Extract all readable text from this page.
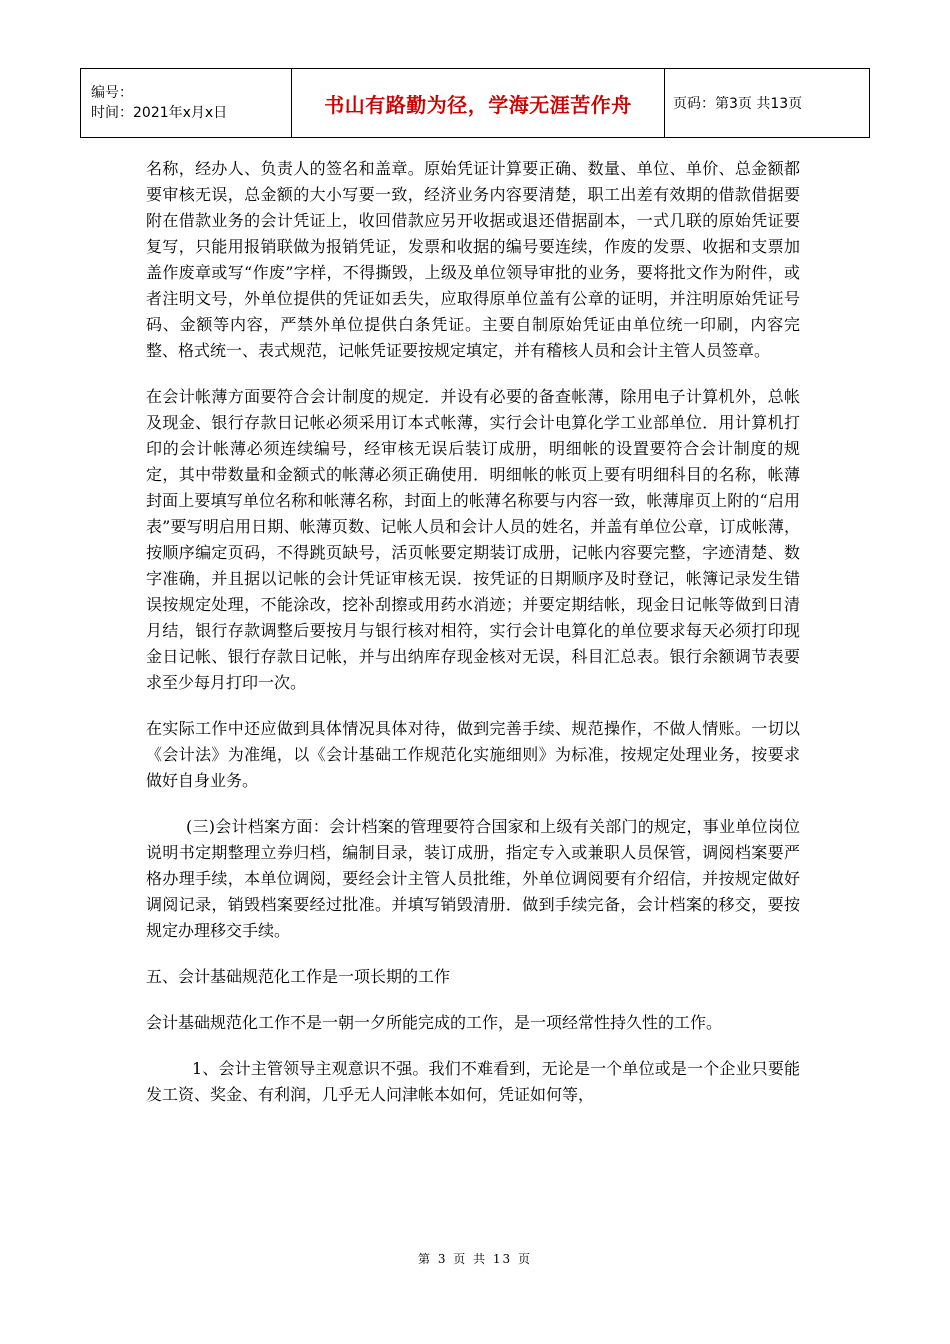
编号：
时间：2021年x月x日	书山有路勤为径，学海无涯苦作舟	页码：第3页 共13页

名称，经办人、负责人的签名和盖章。原始凭证计算要正确、数量、单位、单价、总金额都要审核无误，总金额的大小写要一致，经济业务内容要清楚，职工出差有效期的借款借据要附在借款业务的会计凭证上，收回借款应另开收据或退还借据副本，一式几联的原始凭证要复写，只能用报销联做为报销凭证，发票和收据的编号要连续，作废的发票、收据和支票加盖作废章或写“作废”字样，不得撕毁，上级及单位领导审批的业务，要将批文作为附件，或者注明文号，外单位提供的凭证如丢失，应取得原单位盖有公章的证明，并注明原始凭证号码、金额等内容，严禁外单位提供白条凭证。主要自制原始凭证由单位统一印刷，内容完整、格式统一、表式规范，记帐凭证要按规定填定，并有稽核人员和会计主管人员签章。

在会计帐薄方面要符合会计制度的规定．并设有必要的备查帐薄，除用电子计算机外，总帐及现金、银行存款日记帐必须采用订本式帐薄，实行会计电算化学工业部单位．用计算机打印的会计帐薄必须连续编号，经审核无误后装订成册，明细帐的设置要符合会计制度的规定，其中带数量和金额式的帐薄必须正确使用．明细帐的帐页上要有明细科目的名称，帐薄封面上要填写单位名称和帐薄名称，封面上的帐薄名称要与内容一致，帐薄扉页上附的“启用表”要写明启用日期、帐薄页数、记帐人员和会计人员的姓名，并盖有单位公章，订成帐薄，按顺序编定页码，不得跳页缺号，活页帐要定期装订成册，记帐内容要完整，字迹清楚、数字准确，并且据以记帐的会计凭证审核无误．按凭证的日期顺序及时登记，帐簿记录发生错误按规定处理，不能涂改，挖补刮擦或用药水消迹；并要定期结帐，现金日记帐等做到日清月结，银行存款调整后要按月与银行核对相符，实行会计电算化的单位要求每天必须打印现金日记帐、银行存款日记帐，并与出纳库存现金核对无误，科目汇总表。银行余额调节表要求至少每月打印一次。

在实际工作中还应做到具体情况具体对待，做到完善手续、规范操作，不做人情账。一切以《会计法》为准绳，以《会计基础工作规范化实施细则》为标准，按规定处理业务，按要求做好自身业务。

(三)会计档案方面：会计档案的管理要符合国家和上级有关部门的规定，事业单位岗位说明书定期整理立券归档，编制目录，装订成册，指定专入或兼职人员保管，调阅档案要严格办理手续，本单位调阅，要经会计主管人员批维，外单位调阅要有介绍信，并按规定做好调阅记录，销毁档案要经过批准。并填写销毁清册．做到手续完备，会计档案的移交，要按规定办理移交手续。

五、会计基础规范化工作是一项长期的工作

会计基础规范化工作不是一朝一夕所能完成的工作，是一项经常性持久性的工作。

1、会计主管领导主观意识不强。我们不难看到，无论是一个单位或是一个企业只要能发工资、奖金、有利润，几乎无人问津帐本如何，凭证如何等，

第 3 页 共 13 页
